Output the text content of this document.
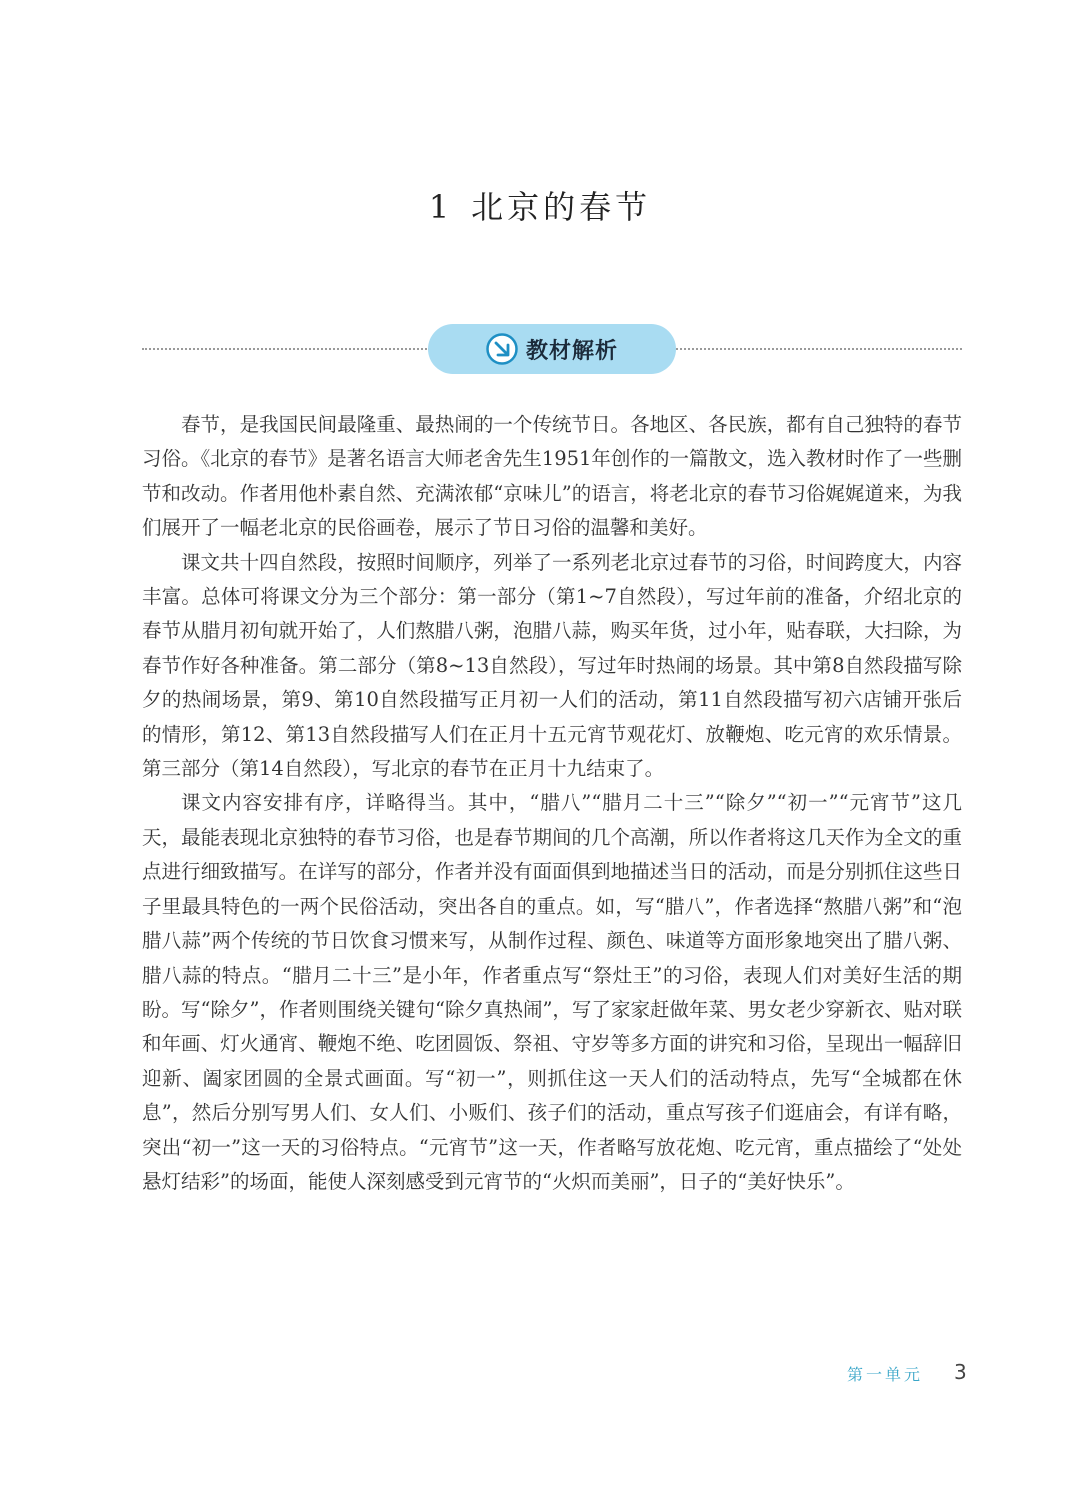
1 北京的春节
教材解析

春节，是我国民间最隆重、最热闹的一个传统节日。各地区、各民族，都有自己独特的春节习俗。《北京的春节》是著名语言大师老舍先生1951年创作的一篇散文，选入教材时作了一些删节和改动。作者用他朴素自然、充满浓郁“京味儿”的语言，将老北京的春节习俗娓娓道来，为我们展开了一幅老北京的民俗画卷，展示了节日习俗的温馨和美好。

课文共十四自然段，按照时间顺序，列举了一系列老北京过春节的习俗，时间跨度大，内容丰富。总体可将课文分为三个部分：第一部分（第1~7自然段），写过年前的准备，介绍北京的春节从腊月初旬就开始了，人们熬腊八粥，泡腊八蒜，购买年货，过小年，贴春联，大扫除，为春节作好各种准备。第二部分（第8~13自然段），写过年时热闹的场景。其中第8自然段描写除夕的热闹场景，第9、第10自然段描写正月初一人们的活动，第11自然段描写初六店铺开张后的情形，第12、第13自然段描写人们在正月十五元宵节观花灯、放鞭炮、吃元宵的欢乐情景。第三部分（第14自然段），写北京的春节在正月十九结束了。

课文内容安排有序，详略得当。其中，“腊八”“腊月二十三”“除夕”“初一”“元宵节”这几天，最能表现北京独特的春节习俗，也是春节期间的几个高潮，所以作者将这几天作为全文的重点进行细致描写。在详写的部分，作者并没有面面俱到地描述当日的活动，而是分别抓住这些日子里最具特色的一两个民俗活动，突出各自的重点。如，写“腊八”，作者选择“熬腊八粥”和“泡腊八蒜”两个传统的节日饮食习惯来写，从制作过程、颜色、味道等方面形象地突出了腊八粥、腊八蒜的特点。“腊月二十三”是小年，作者重点写“祭灶王”的习俗，表现人们对美好生活的期盼。写“除夕”，作者则围绕关键句“除夕真热闹”，写了家家赶做年菜、男女老少穿新衣、贴对联和年画、灯火通宵、鞭炮不绝、吃团圆饭、祭祖、守岁等多方面的讲究和习俗，呈现出一幅辞旧迎新、阖家团圆的全景式画面。写“初一”，则抓住这一天人们的活动特点，先写“全城都在休息”，然后分别写男人们、女人们、小贩们、孩子们的活动，重点写孩子们逛庙会，有详有略，突出“初一”这一天的习俗特点。“元宵节”这一天，作者略写放花炮、吃元宵，重点描绘了“处处悬灯结彩”的场面，能使人深刻感受到元宵节的“火炽而美丽”，日子的“美好快乐”。

第一单元 3
